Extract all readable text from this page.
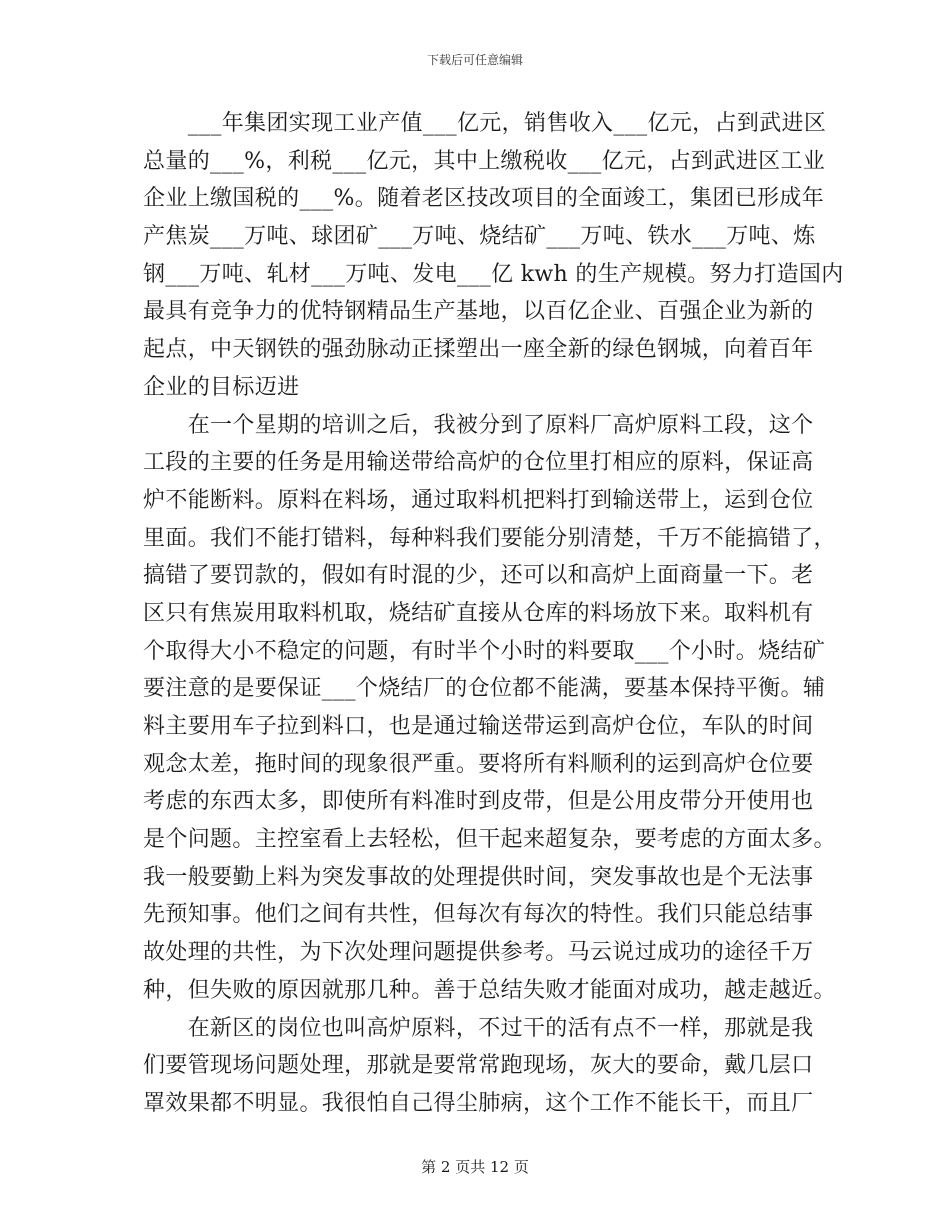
下载后可任意编辑

　　___年集团实现工业产值___亿元，销售收入___亿元，占到武进区
总量的___%，利税___亿元，其中上缴税收___亿元，占到武进区工业
企业上缴国税的___%。随着老区技改项目的全面竣工，集团已形成年
产焦炭___万吨、球团矿___万吨、烧结矿___万吨、铁水___万吨、炼
钢___万吨、轧材___万吨、发电___亿 kwh 的生产规模。努力打造国内
最具有竞争力的优特钢精品生产基地，以百亿企业、百强企业为新的
起点，中天钢铁的强劲脉动正揉塑出一座全新的绿色钢城，向着百年
企业的目标迈进

　　在一个星期的培训之后，我被分到了原料厂高炉原料工段，这个
工段的主要的任务是用输送带给高炉的仓位里打相应的原料，保证高
炉不能断料。原料在料场，通过取料机把料打到输送带上，运到仓位
里面。我们不能打错料，每种料我们要能分别清楚，千万不能搞错了，
搞错了要罚款的，假如有时混的少，还可以和高炉上面商量一下。老
区只有焦炭用取料机取，烧结矿直接从仓库的料场放下来。取料机有
个取得大小不稳定的问题，有时半个小时的料要取___个小时。烧结矿
要注意的是要保证___个烧结厂的仓位都不能满，要基本保持平衡。辅
料主要用车子拉到料口，也是通过输送带运到高炉仓位，车队的时间
观念太差，拖时间的现象很严重。要将所有料顺利的运到高炉仓位要
考虑的东西太多，即使所有料准时到皮带，但是公用皮带分开使用也
是个问题。主控室看上去轻松，但干起来超复杂，要考虑的方面太多。
我一般要勤上料为突发事故的处理提供时间，突发事故也是个无法事
先预知事。他们之间有共性，但每次有每次的特性。我们只能总结事
故处理的共性，为下次处理问题提供参考。马云说过成功的途径千万
种，但失败的原因就那几种。善于总结失败才能面对成功，越走越近。

　　在新区的岗位也叫高炉原料，不过干的活有点不一样，那就是我
们要管现场问题处理，那就是要常常跑现场，灰大的要命，戴几层口
罩效果都不明显。我很怕自己得尘肺病，这个工作不能长干，而且厂

第 2 页共 12 页
